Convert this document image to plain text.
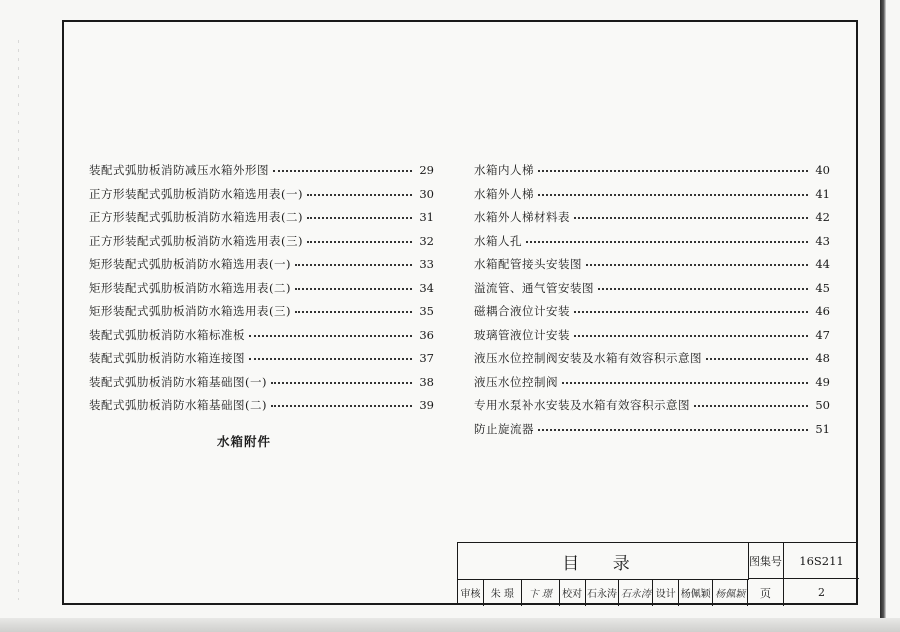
装配式弧肋板消防减压水箱外形图	29
正方形装配式弧肋板消防水箱选用表(一)	30
正方形装配式弧肋板消防水箱选用表(二)	31
正方形装配式弧肋板消防水箱选用表(三)	32
矩形装配式弧肋板消防水箱选用表(一)	33
矩形装配式弧肋板消防水箱选用表(二)	34
矩形装配式弧肋板消防水箱选用表(三)	35
装配式弧肋板消防水箱标准板	36
装配式弧肋板消防水箱连接图	37
装配式弧肋板消防水箱基础图(一)	38
装配式弧肋板消防水箱基础图(二)	39
水箱内人梯	40
水箱外人梯	41
水箱外人梯材料表	42
水箱人孔	43
水箱配管接头安装图	44
溢流管、通气管安装图	45
磁耦合液位计安装	46
玻璃管液位计安装	47
液压水位控制阀安装及水箱有效容积示意图	48
液压水位控制阀	49
专用水泵补水安装及水箱有效容积示意图	50
防止旋流器	51
水箱附件
目 录	图集号	16S211
审核	朱 璟	卞 璟	校对 石永涛 石永涛 设计 杨佩颖 杨佩颖	页	2
